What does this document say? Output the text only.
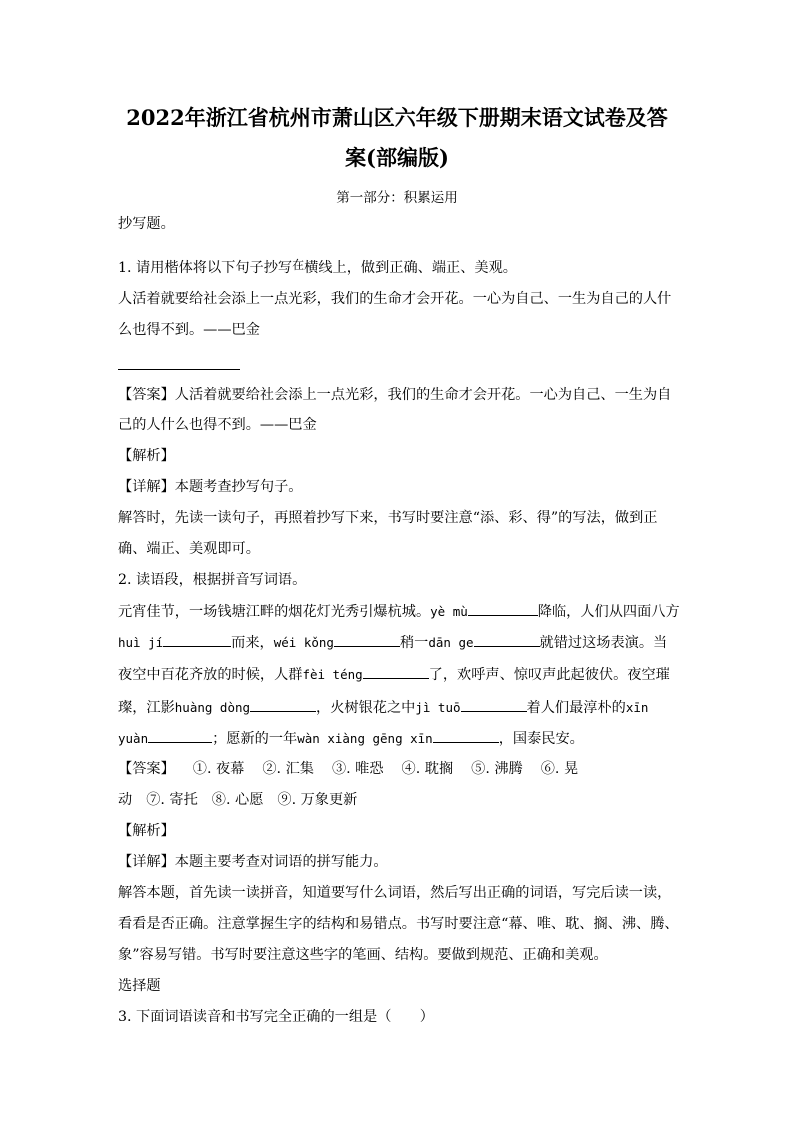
2022年浙江省杭州市萧山区六年级下册期末语文试卷及答
案(部编版)
第一部分：积累运用
抄写题。
1. 请用楷体将以下句子抄写$^在$横线上，做到正确、端正、美观。
人活着就要给社会添上一点光彩，我们的生命才会开花。一心为自己、一生为自己的人什
么也得不到。——巴金
【答案】人活着就要给社会添上一点光彩，我们的生命才会开花。一心为自己、一生为自
己的人什么也得不到。——巴金
【解析】
【详解】本题考查抄写句子。
解答时，先读一读句子，再照着抄写下来，书写时要注意“添、彩、得”的写法，做到正
确、端正、美观即可。
2. 读语段，根据拼音写词语。
元宵佳节，一场钱塘江畔的烟花灯光秀引爆杭城。yè mù	降临，人们从四面八方
huì jí	而来，wéi kǒng	稍一dān ge	就错过这场表演。当
夜空中百花齐放的时候，人群fèi téng	了，欢呼声、惊叹声此起彼伏。夜空璀
璨，江影huàng dòng	，火树银花之中jì tuō	着人们最淳朴的xīn
yuàn	；愿新的一年wàn xiàng gēng xīn	，国泰民安。
【答案】 ①. 夜幕 ②. 汇集 ③. 唯恐 ④. 耽搁 ⑤. 沸腾 ⑥. 晃
动 ⑦. 寄托 ⑧. 心愿 ⑨. 万象更新
【解析】
【详解】本题主要考查对词语的拼写能力。
解答本题，首先读一读拼音，知道要写什么词语，然后写出正确的词语，写完后读一读，
看看是否正确。注意掌握生字的结构和易错点。书写时要注意“幕、唯、耽、搁、沸、腾、
象”容易写错。书写时要注意这些字的笔画、结构。要做到规范、正确和美观。
选择题
3. 下面词语读音和书写完全正确的一组是（　　）
